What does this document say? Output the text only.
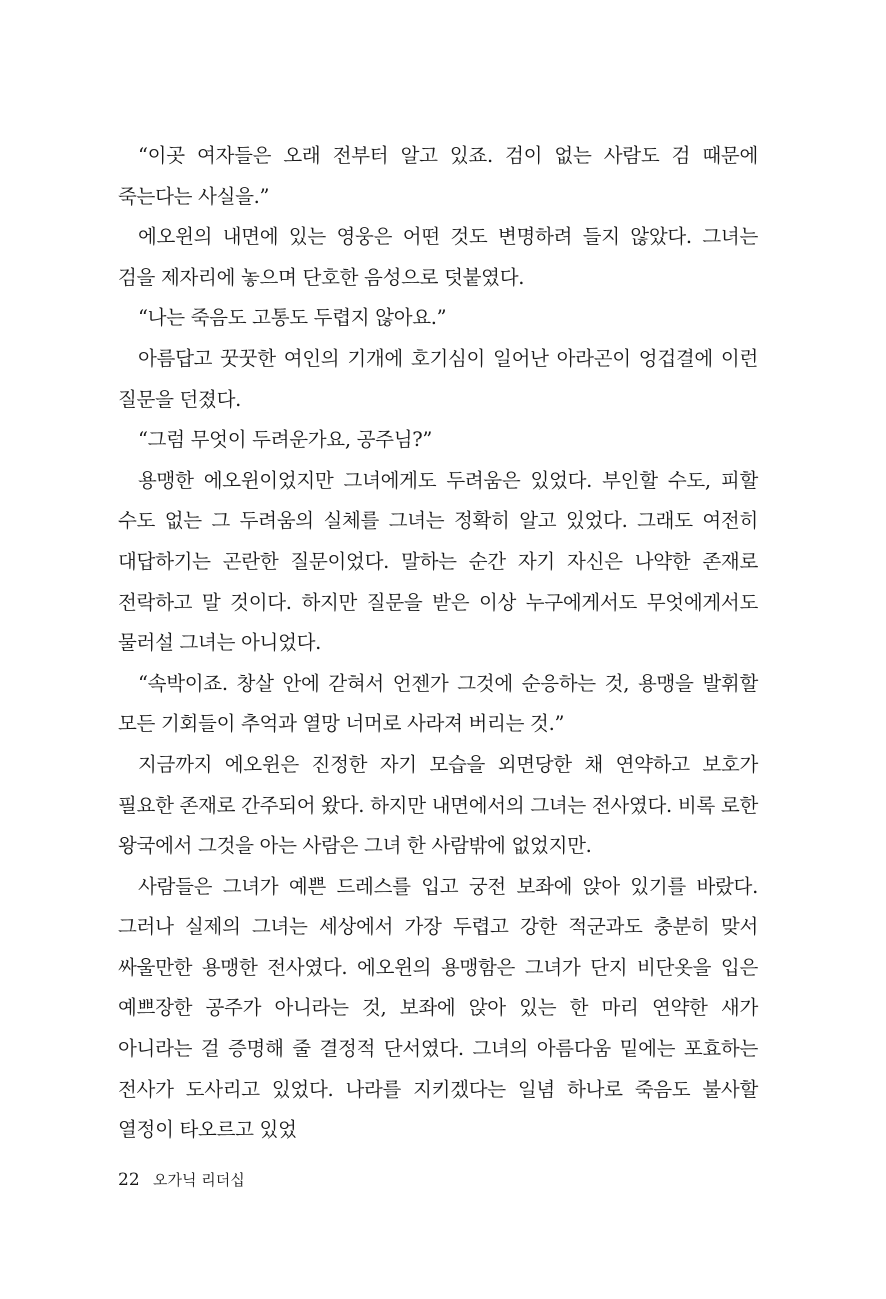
“이곳 여자들은 오래 전부터 알고 있죠. 검이 없는 사람도 검 때문에 죽는다는 사실을.”

에오윈의 내면에 있는 영웅은 어떤 것도 변명하려 들지 않았다. 그녀는 검을 제자리에 놓으며 단호한 음성으로 덧붙였다.

“나는 죽음도 고통도 두렵지 않아요.”

아름답고 꿋꿋한 여인의 기개에 호기심이 일어난 아라곤이 엉겁결에 이런 질문을 던졌다.

“그럼 무엇이 두려운가요, 공주님?”

용맹한 에오윈이었지만 그녀에게도 두려움은 있었다. 부인할 수도, 피할 수도 없는 그 두려움의 실체를 그녀는 정확히 알고 있었다. 그래도 여전히 대답하기는 곤란한 질문이었다. 말하는 순간 자기 자신은 나약한 존재로 전락하고 말 것이다. 하지만 질문을 받은 이상 누구에게서도 무엇에게서도 물러설 그녀는 아니었다.

“속박이죠. 창살 안에 갇혀서 언젠가 그것에 순응하는 것, 용맹을 발휘할 모든 기회들이 추억과 열망 너머로 사라져 버리는 것.”

지금까지 에오윈은 진정한 자기 모습을 외면당한 채 연약하고 보호가 필요한 존재로 간주되어 왔다. 하지만 내면에서의 그녀는 전사였다. 비록 로한 왕국에서 그것을 아는 사람은 그녀 한 사람밖에 없었지만.

사람들은 그녀가 예쁜 드레스를 입고 궁전 보좌에 앉아 있기를 바랐다. 그러나 실제의 그녀는 세상에서 가장 두렵고 강한 적군과도 충분히 맞서 싸울만한 용맹한 전사였다. 에오윈의 용맹함은 그녀가 단지 비단옷을 입은 예쁘장한 공주가 아니라는 것, 보좌에 앉아 있는 한 마리 연약한 새가 아니라는 걸 증명해 줄 결정적 단서였다. 그녀의 아름다움 밑에는 포효하는 전사가 도사리고 있었다. 나라를 지키겠다는 일념 하나로 죽음도 불사할 열정이 타오르고 있었

22 오가닉 리더십
